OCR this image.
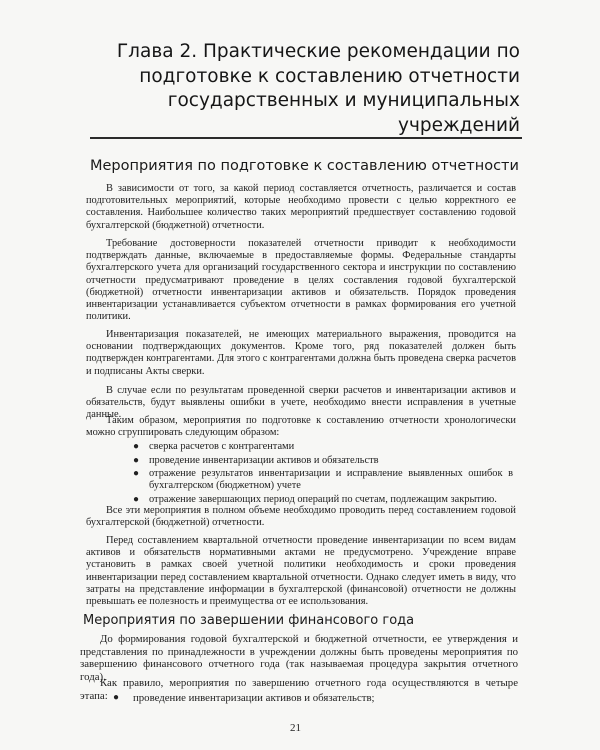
Глава 2. Практические рекомендации по подготовке к составлению отчетности государственных и муниципальных учреждений
Мероприятия по подготовке к составлению отчетности

В зависимости от того, за какой период составляется отчетность, различается и состав подготовительных мероприятий, которые необходимо провести с целью корректного ее составления. Наибольшее количество таких мероприятий предшествует составлению годовой бухгалтерской (бюджетной) отчетности.

Требование достоверности показателей отчетности приводит к необходимости подтверждать данные, включаемые в предоставляемые формы. Федеральные стандарты бухгалтерского учета для организаций государственного сектора и инструкции по составлению отчетности предусматривают проведение в целях составления годовой бухгалтерской (бюджетной) отчетности инвентаризации активов и обязательств. Порядок проведения инвентаризации устанавливается субъектом отчетности в рамках формирования его учетной политики.

Инвентаризация показателей, не имеющих материального выражения, проводится на основании подтверждающих документов. Кроме того, ряд показателей должен быть подтвержден контрагентами. Для этого с контрагентами должна быть проведена сверка расчетов и подписаны Акты сверки.

В случае если по результатам проведенной сверки расчетов и инвентаризации активов и обязательств, будут выявлены ошибки в учете, необходимо внести исправления в учетные данные.

Таким образом, мероприятия по подготовке к составлению отчетности хронологически можно сгруппировать следующим образом:

● сверка расчетов с контрагентами
● проведение инвентаризации активов и обязательств
● отражение результатов инвентаризации и исправление выявленных ошибок в бухгалтерском (бюджетном) учете
● отражение завершающих период операций по счетам, подлежащим закрытию.

Все эти мероприятия в полном объеме необходимо проводить перед составлением годовой бухгалтерской (бюджетной) отчетности.

Перед составлением квартальной отчетности проведение инвентаризации по всем видам активов и обязательств нормативными актами не предусмотрено. Учреждение вправе установить в рамках своей учетной политики необходимость и сроки проведения инвентаризации перед составлением квартальной отчетности. Однако следует иметь в виду, что затраты на представление информации в бухгалтерской (финансовой) отчетности не должны превышать ее полезность и преимущества от ее использования.

Мероприятия по завершении финансового года

До формирования годовой бухгалтерской и бюджетной отчетности, ее утверждения и представления по принадлежности в учреждении должны быть проведены мероприятия по завершению финансового отчетного года (так называемая процедура закрытия отчетного года).

Как правило, мероприятия по завершению отчетного года осуществляются в четыре этапа: ● проведение инвентаризации активов и обязательств;
21
